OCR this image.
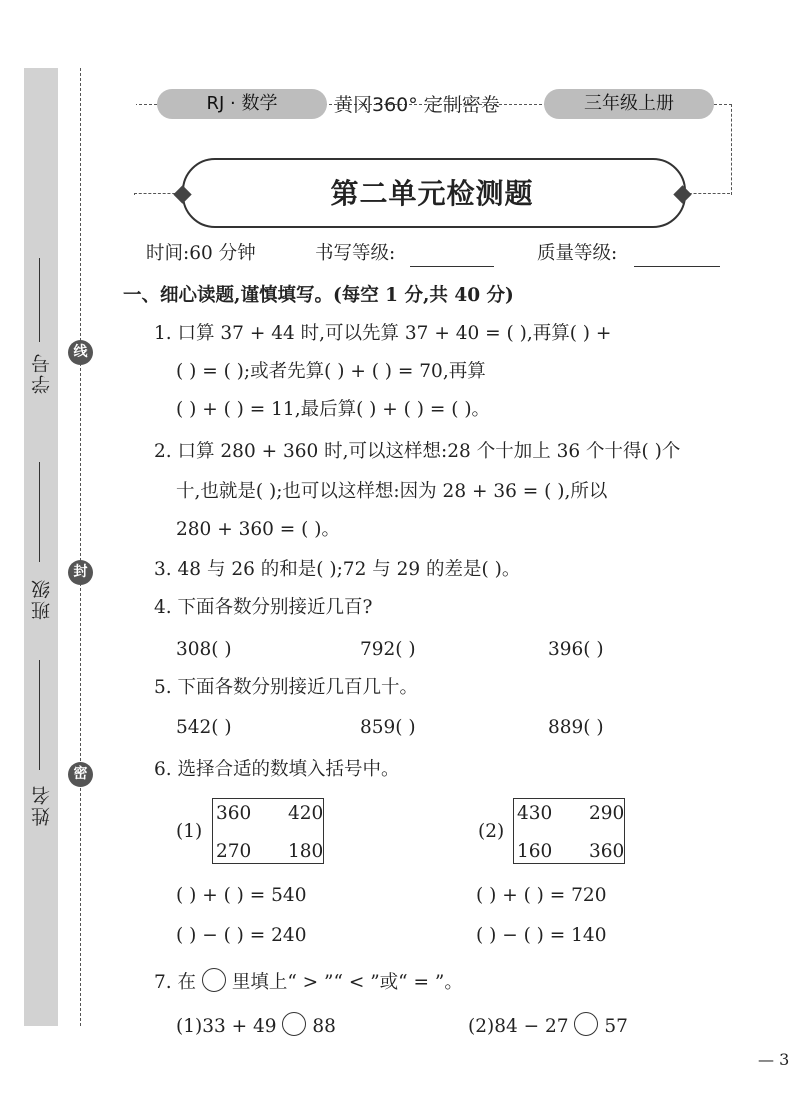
学号
班级
姓名
线
封
密
RJ · 数学	黄冈360° 定制密卷	三年级上册
第二单元检测题
时间:60 分钟	书写等级:	质量等级:
一、细心读题,谨慎填写。(每空 1 分,共 40 分)
1. 口算 37 + 44 时,可以先算 37 + 40 = ( ),再算( ) +
( ) = ( );或者先算( ) + ( ) = 70,再算
( ) + ( ) = 11,最后算( ) + ( ) = ( )。
2. 口算 280 + 360 时,可以这样想:28 个十加上 36 个十得( )个
十,也就是( );也可以这样想:因为 28 + 36 = ( ),所以
280 + 360 = ( )。
3. 48 与 26 的和是( );72 与 29 的差是( )。
4. 下面各数分别接近几百?
308( )	792( )	396( )
5. 下面各数分别接近几百几十。
542( )	859( )	889( )
6. 选择合适的数填入括号中。
(1)
360 420
270 180
(2)
430 290
160 360
( ) + ( ) = 540	( ) + ( ) = 720
( ) − ( ) = 240	( ) − ( ) = 140
7. 在 里填上“ > ”“ < ”或“ = ”。
(1)33 + 49 88	(2)84 − 27 57
— 3
